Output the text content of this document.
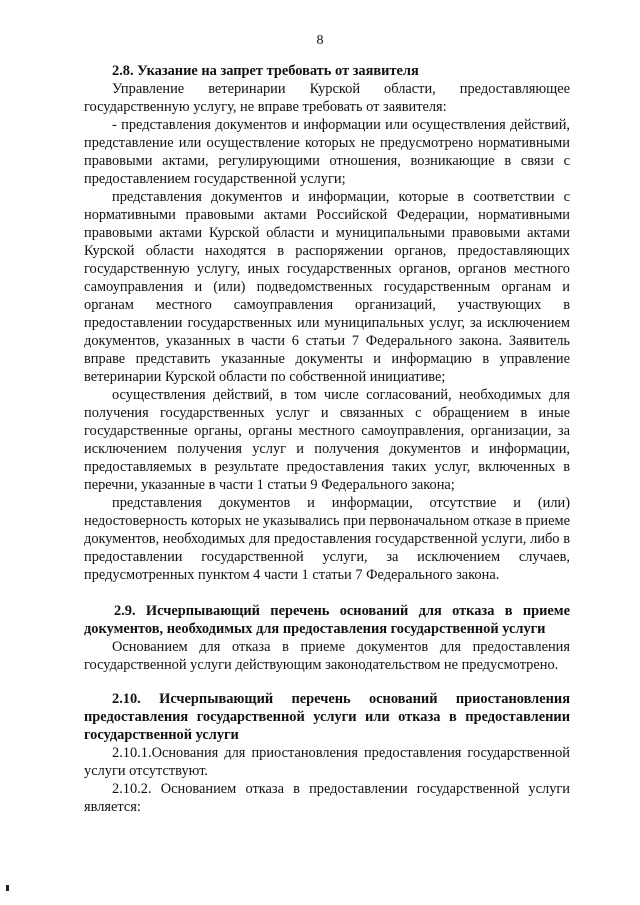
8

2.8. Указание на запрет требовать от заявителя

Управление ветеринарии Курской области, предоставляющее государственную услугу, не вправе требовать от заявителя:

- представления документов и информации или осуществления действий, представление или осуществление которых не предусмотрено нормативными правовыми актами, регулирующими отношения, возникающие в связи с предоставлением государственной услуги;

представления документов и информации, которые в соответствии с нормативными правовыми актами Российской Федерации, нормативными правовыми актами Курской области и муниципальными правовыми актами Курской области находятся в распоряжении органов, предоставляющих государственную услугу, иных государственных органов, органов местного самоуправления и (или) подведомственных государственным органам и органам местного самоуправления организаций, участвующих в предоставлении государственных или муниципальных услуг, за исключением документов, указанных в части 6 статьи 7 Федерального закона. Заявитель вправе представить указанные документы и информацию в управление ветеринарии Курской области по собственной инициативе;

осуществления действий, в том числе согласований, необходимых для получения государственных услуг и связанных с обращением в иные государственные органы, органы местного самоуправления, организации, за исключением получения услуг и получения документов и информации, предоставляемых в результате предоставления таких услуг, включенных в перечни, указанные в части 1 статьи 9 Федерального закона;

представления документов и информации, отсутствие и (или) недостоверность которых не указывались при первоначальном отказе в приеме документов, необходимых для предоставления государственной услуги, либо в предоставлении государственной услуги, за исключением случаев, предусмотренных пунктом 4 части 1 статьи 7 Федерального закона.

2.9. Исчерпывающий перечень оснований для отказа в приеме документов, необходимых для предоставления государственной услуги

Основанием для отказа в приеме документов для предоставления государственной услуги действующим законодательством не предусмотрено.

2.10. Исчерпывающий перечень оснований приостановления предоставления государственной услуги или отказа в предоставлении государственной услуги

2.10.1.Основания для приостановления предоставления государственной услуги отсутствуют.

2.10.2. Основанием отказа в предоставлении государственной услуги является:
